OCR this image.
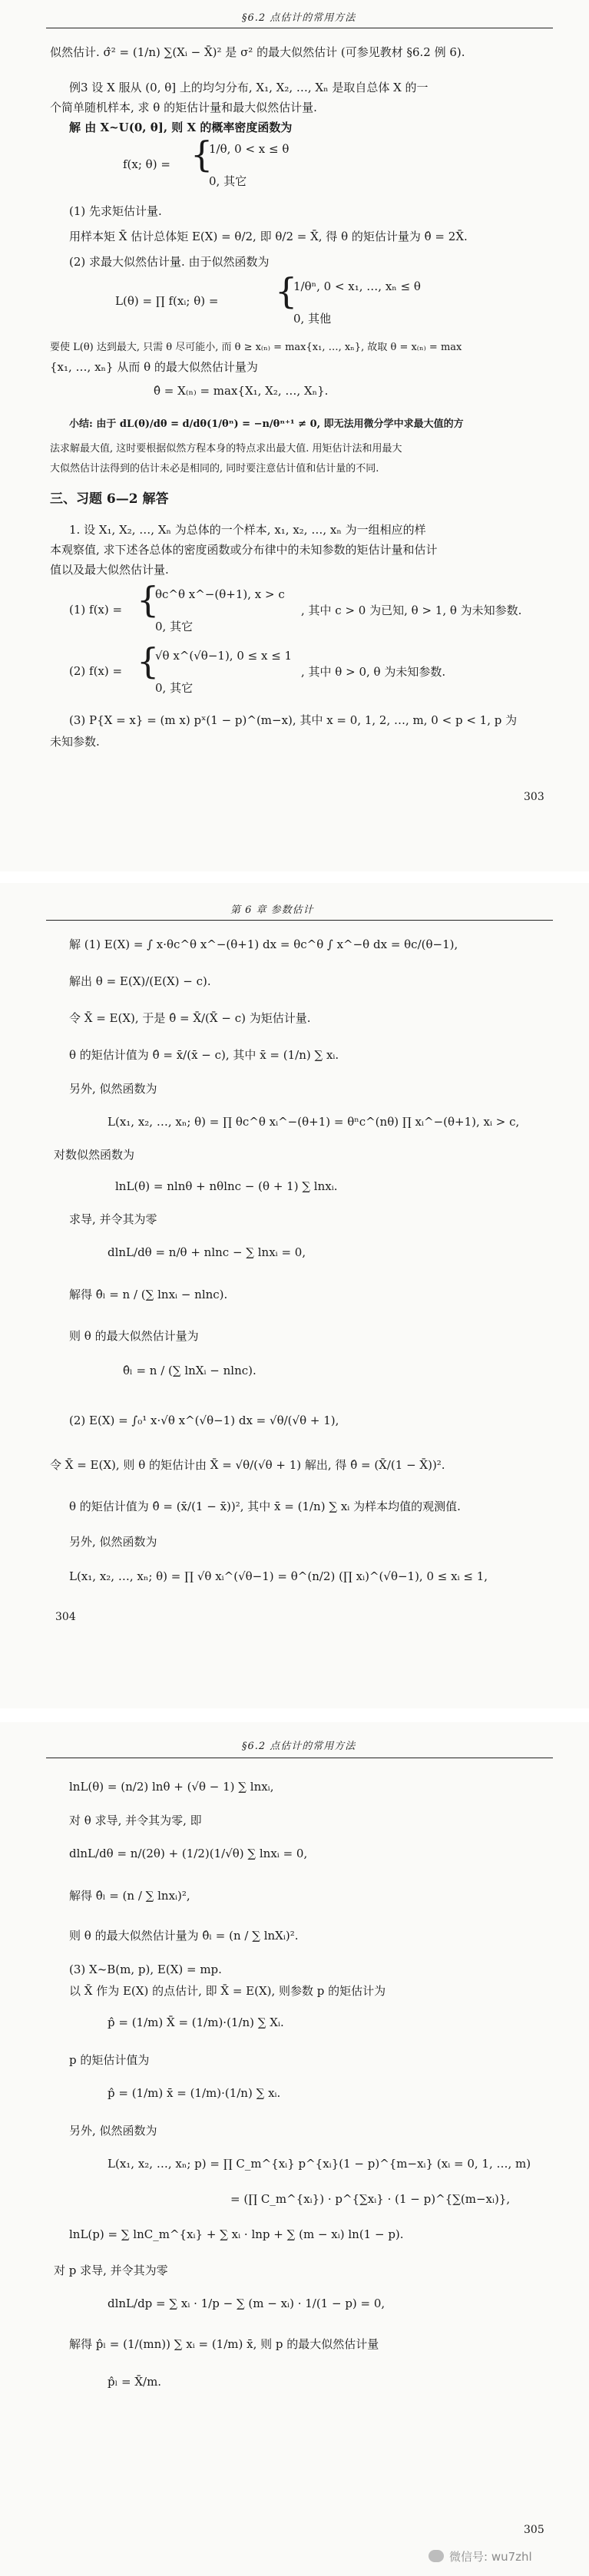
§6.2 点估计的常用方法
似然估计. σ̂² = (1/n) ∑(Xᵢ − X̄)² 是 σ² 的最大似然估计 (可参见教材 §6.2 例 6).
例3 设 X 服从 (0, θ] 上的均匀分布, X₁, X₂, …, Xₙ 是取自总体 X 的一
个简单随机样本, 求 θ 的矩估计量和最大似然估计量.
解 由 X~U(0, θ], 则 X 的概率密度函数为
f(x; θ) = {
1/θ, 0 < x ≤ θ
0, 其它
(1) 先求矩估计量.
用样本矩 X̄ 估计总体矩 E(X) = θ/2, 即 θ/2 = X̄, 得 θ 的矩估计量为 θ̂ = 2X̄.
(2) 求最大似然估计量. 由于似然函数为
L(θ) = ∏ f(xᵢ; θ) = {
1/θⁿ, 0 < x₁, …, xₙ ≤ θ
0, 其他
要使 L(θ) 达到最大, 只需 θ 尽可能小, 而 θ ≥ x₍ₙ₎ = max{x₁, …, xₙ}, 故取 θ = x₍ₙ₎ = max
{x₁, …, xₙ} 从而 θ 的最大似然估计量为
θ̂ = X₍ₙ₎ = max{X₁, X₂, …, Xₙ}.
小结: 由于 dL(θ)/dθ = d/dθ(1/θⁿ) = −n/θⁿ⁺¹ ≠ 0, 即无法用微分学中求最大值的方
法求解最大值, 这时要根据似然方程本身的特点求出最大值. 用矩估计法和用最大
大似然估计法得到的估计未必是相同的, 同时要注意估计值和估计量的不同.
三、习题 6—2 解答
1. 设 X₁, X₂, …, Xₙ 为总体的一个样本, x₁, x₂, …, xₙ 为一组相应的样
本观察值, 求下述各总体的密度函数或分布律中的未知参数的矩估计量和估计
值以及最大似然估计量.
(1) f(x) = {
θc^θ x^−(θ+1), x > c
0, 其它
, 其中 c > 0 为已知, θ > 1, θ 为未知参数.
(2) f(x) = {
√θ x^(√θ−1), 0 ≤ x ≤ 1
0, 其它
, 其中 θ > 0, θ 为未知参数.
(3) P{X = x} = (m x) pˣ(1 − p)^(m−x), 其中 x = 0, 1, 2, …, m, 0 < p < 1, p 为
未知参数.
303
第 6 章 参数估计
解 (1) E(X) = ∫ x·θc^θ x^−(θ+1) dx = θc^θ ∫ x^−θ dx = θc/(θ−1),
解出 θ = E(X)/(E(X) − c).
令 X̄ = E(X), 于是 θ̂ = X̄/(X̄ − c) 为矩估计量.
θ 的矩估计值为 θ̂ = x̄/(x̄ − c), 其中 x̄ = (1/n) ∑ xᵢ.
另外, 似然函数为
L(x₁, x₂, …, xₙ; θ) = ∏ θc^θ xᵢ^−(θ+1) = θⁿc^(nθ) ∏ xᵢ^−(θ+1), xᵢ > c,
对数似然函数为
lnL(θ) = nlnθ + nθlnc − (θ + 1) ∑ lnxᵢ.
求导, 并令其为零
dlnL/dθ = n/θ + nlnc − ∑ lnxᵢ = 0,
解得 θ̂ₗ = n / (∑ lnxᵢ − nlnc).
则 θ 的最大似然估计量为
θ̂ₗ = n / (∑ lnXᵢ − nlnc).
(2) E(X) = ∫₀¹ x·√θ x^(√θ−1) dx = √θ/(√θ + 1),
令 X̄ = E(X), 则 θ 的矩估计由 X̄ = √θ/(√θ + 1) 解出, 得 θ̂ = (X̄/(1 − X̄))².
θ 的矩估计值为 θ̂ = (x̄/(1 − x̄))², 其中 x̄ = (1/n) ∑ xᵢ 为样本均值的观测值.
另外, 似然函数为
L(x₁, x₂, …, xₙ; θ) = ∏ √θ xᵢ^(√θ−1) = θ^(n/2) (∏ xᵢ)^(√θ−1), 0 ≤ xᵢ ≤ 1,
304
§6.2 点估计的常用方法
lnL(θ) = (n/2) lnθ + (√θ − 1) ∑ lnxᵢ,
对 θ 求导, 并令其为零, 即
dlnL/dθ = n/(2θ) + (1/2)(1/√θ) ∑ lnxᵢ = 0,
解得 θ̂ₗ = (n / ∑ lnxᵢ)²,
则 θ 的最大似然估计量为 θ̂ₗ = (n / ∑ lnXᵢ)².
(3) X~B(m, p), E(X) = mp.
以 X̄ 作为 E(X) 的点估计, 即 X̄ = E(X), 则参数 p 的矩估计为
p̂ = (1/m) X̄ = (1/m)·(1/n) ∑ Xᵢ.
p 的矩估计值为
p̂ = (1/m) x̄ = (1/m)·(1/n) ∑ xᵢ.
另外, 似然函数为
L(x₁, x₂, …, xₙ; p) = ∏ C_m^{xᵢ} p^{xᵢ}(1 − p)^{m−xᵢ} (xᵢ = 0, 1, …, m)
= (∏ C_m^{xᵢ}) · p^{∑xᵢ} · (1 − p)^{∑(m−xᵢ)},
lnL(p) = ∑ lnC_m^{xᵢ} + ∑ xᵢ · lnp + ∑ (m − xᵢ) ln(1 − p).
对 p 求导, 并令其为零
dlnL/dp = ∑ xᵢ · 1/p − ∑ (m − xᵢ) · 1/(1 − p) = 0,
解得 p̂ₗ = (1/(mn)) ∑ xᵢ = (1/m) x̄, 则 p 的最大似然估计量
p̂ₗ = X̄/m.
305
微信号: wu7zhl
